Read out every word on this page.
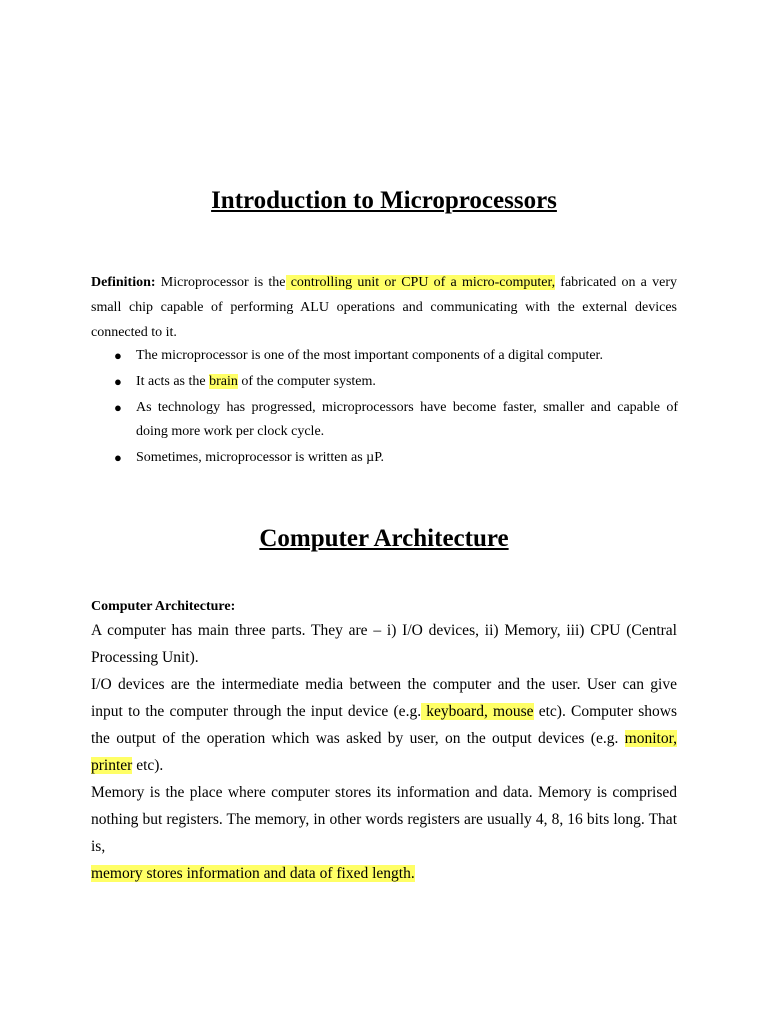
Introduction to Microprocessors

Definition: Microprocessor is the controlling unit or CPU of a micro-computer, fabricated on a very small chip capable of performing ALU operations and communicating with the external devices connected to it.

● The microprocessor is one of the most important components of a digital computer.
● It acts as the brain of the computer system.
● As technology has progressed, microprocessors have become faster, smaller and capable of doing more work per clock cycle.
● Sometimes, microprocessor is written as µP.
Computer Architecture

Computer Architecture:

A computer has main three parts. They are – i) I/O devices, ii) Memory, iii) CPU (Central Processing Unit).
I/O devices are the intermediate media between the computer and the user. User can give input to the computer through the input device (e.g. keyboard, mouse etc). Computer shows the output of the operation which was asked by user, on the output devices (e.g. monitor, printer etc).
Memory is the place where computer stores its information and data. Memory is comprised nothing but registers. The memory, in other words registers are usually 4, 8, 16 bits long. That is,
memory stores information and data of fixed length.
